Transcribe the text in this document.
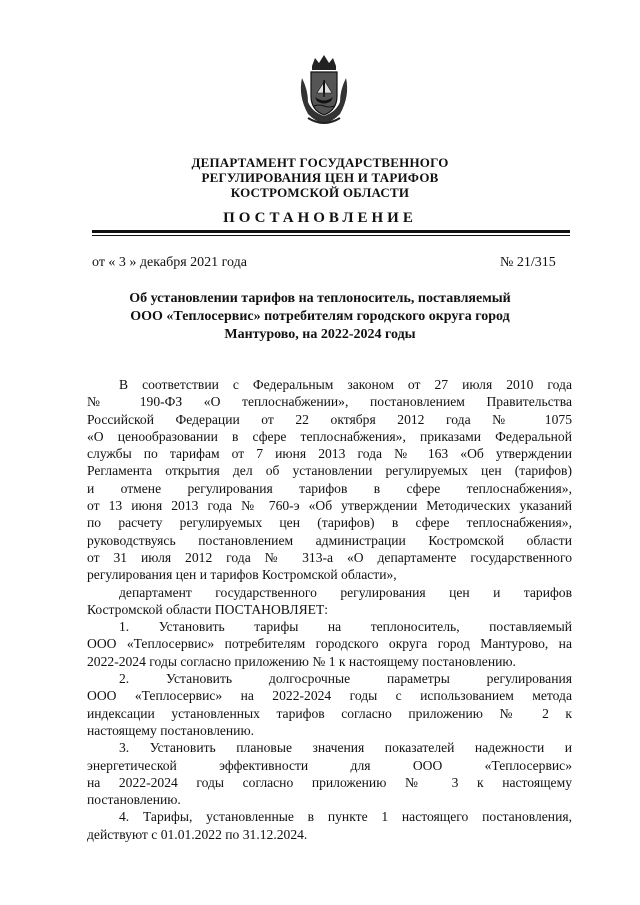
ДЕПАРТАМЕНТ ГОСУДАРСТВЕННОГО
РЕГУЛИРОВАНИЯ ЦЕН И ТАРИФОВ
КОСТРОМСКОЙ ОБЛАСТИ
ПОСТАНОВЛЕНИЕ
от « 3 » декабря 2021 года	№ 21/315
Об установлении тарифов на теплоноситель, поставляемый
ООО «Теплосервис» потребителям городского округа город
Мантурово, на 2022-2024 годы

В соответствии с Федеральным законом от 27 июля 2010 года

№ 190-ФЗ «О теплоснабжении», постановлением Правительства

Российской Федерации от 22 октября 2012 года № 1075

«О ценообразовании в сфере теплоснабжения», приказами Федеральной

службы по тарифам от 7 июня 2013 года № 163 «Об утверждении

Регламента открытия дел об установлении регулируемых цен (тарифов)

и отмене регулирования тарифов в сфере теплоснабжения»,

от 13 июня 2013 года № 760-э «Об утверждении Методических указаний

по расчету регулируемых цен (тарифов) в сфере теплоснабжения»,

руководствуясь постановлением администрации Костромской области

от 31 июля 2012 года № 313-а «О департаменте государственного

регулирования цен и тарифов Костромской области»,

департамент государственного регулирования цен и тарифов

Костромской области ПОСТАНОВЛЯЕТ:

1. Установить тарифы на теплоноситель, поставляемый

ООО «Теплосервис» потребителям городского округа город Мантурово, на

2022-2024 годы согласно приложению № 1 к настоящему постановлению.

2. Установить долгосрочные параметры регулирования

ООО «Теплосервис» на 2022-2024 годы с использованием метода

индексации установленных тарифов согласно приложению № 2 к

настоящему постановлению.

3. Установить плановые значения показателей надежности и

энергетической эффективности для ООО «Теплосервис»

на 2022-2024 годы согласно приложению № 3 к настоящему

постановлению.

4. Тарифы, установленные в пункте 1 настоящего постановления,

действуют с 01.01.2022 по 31.12.2024.
